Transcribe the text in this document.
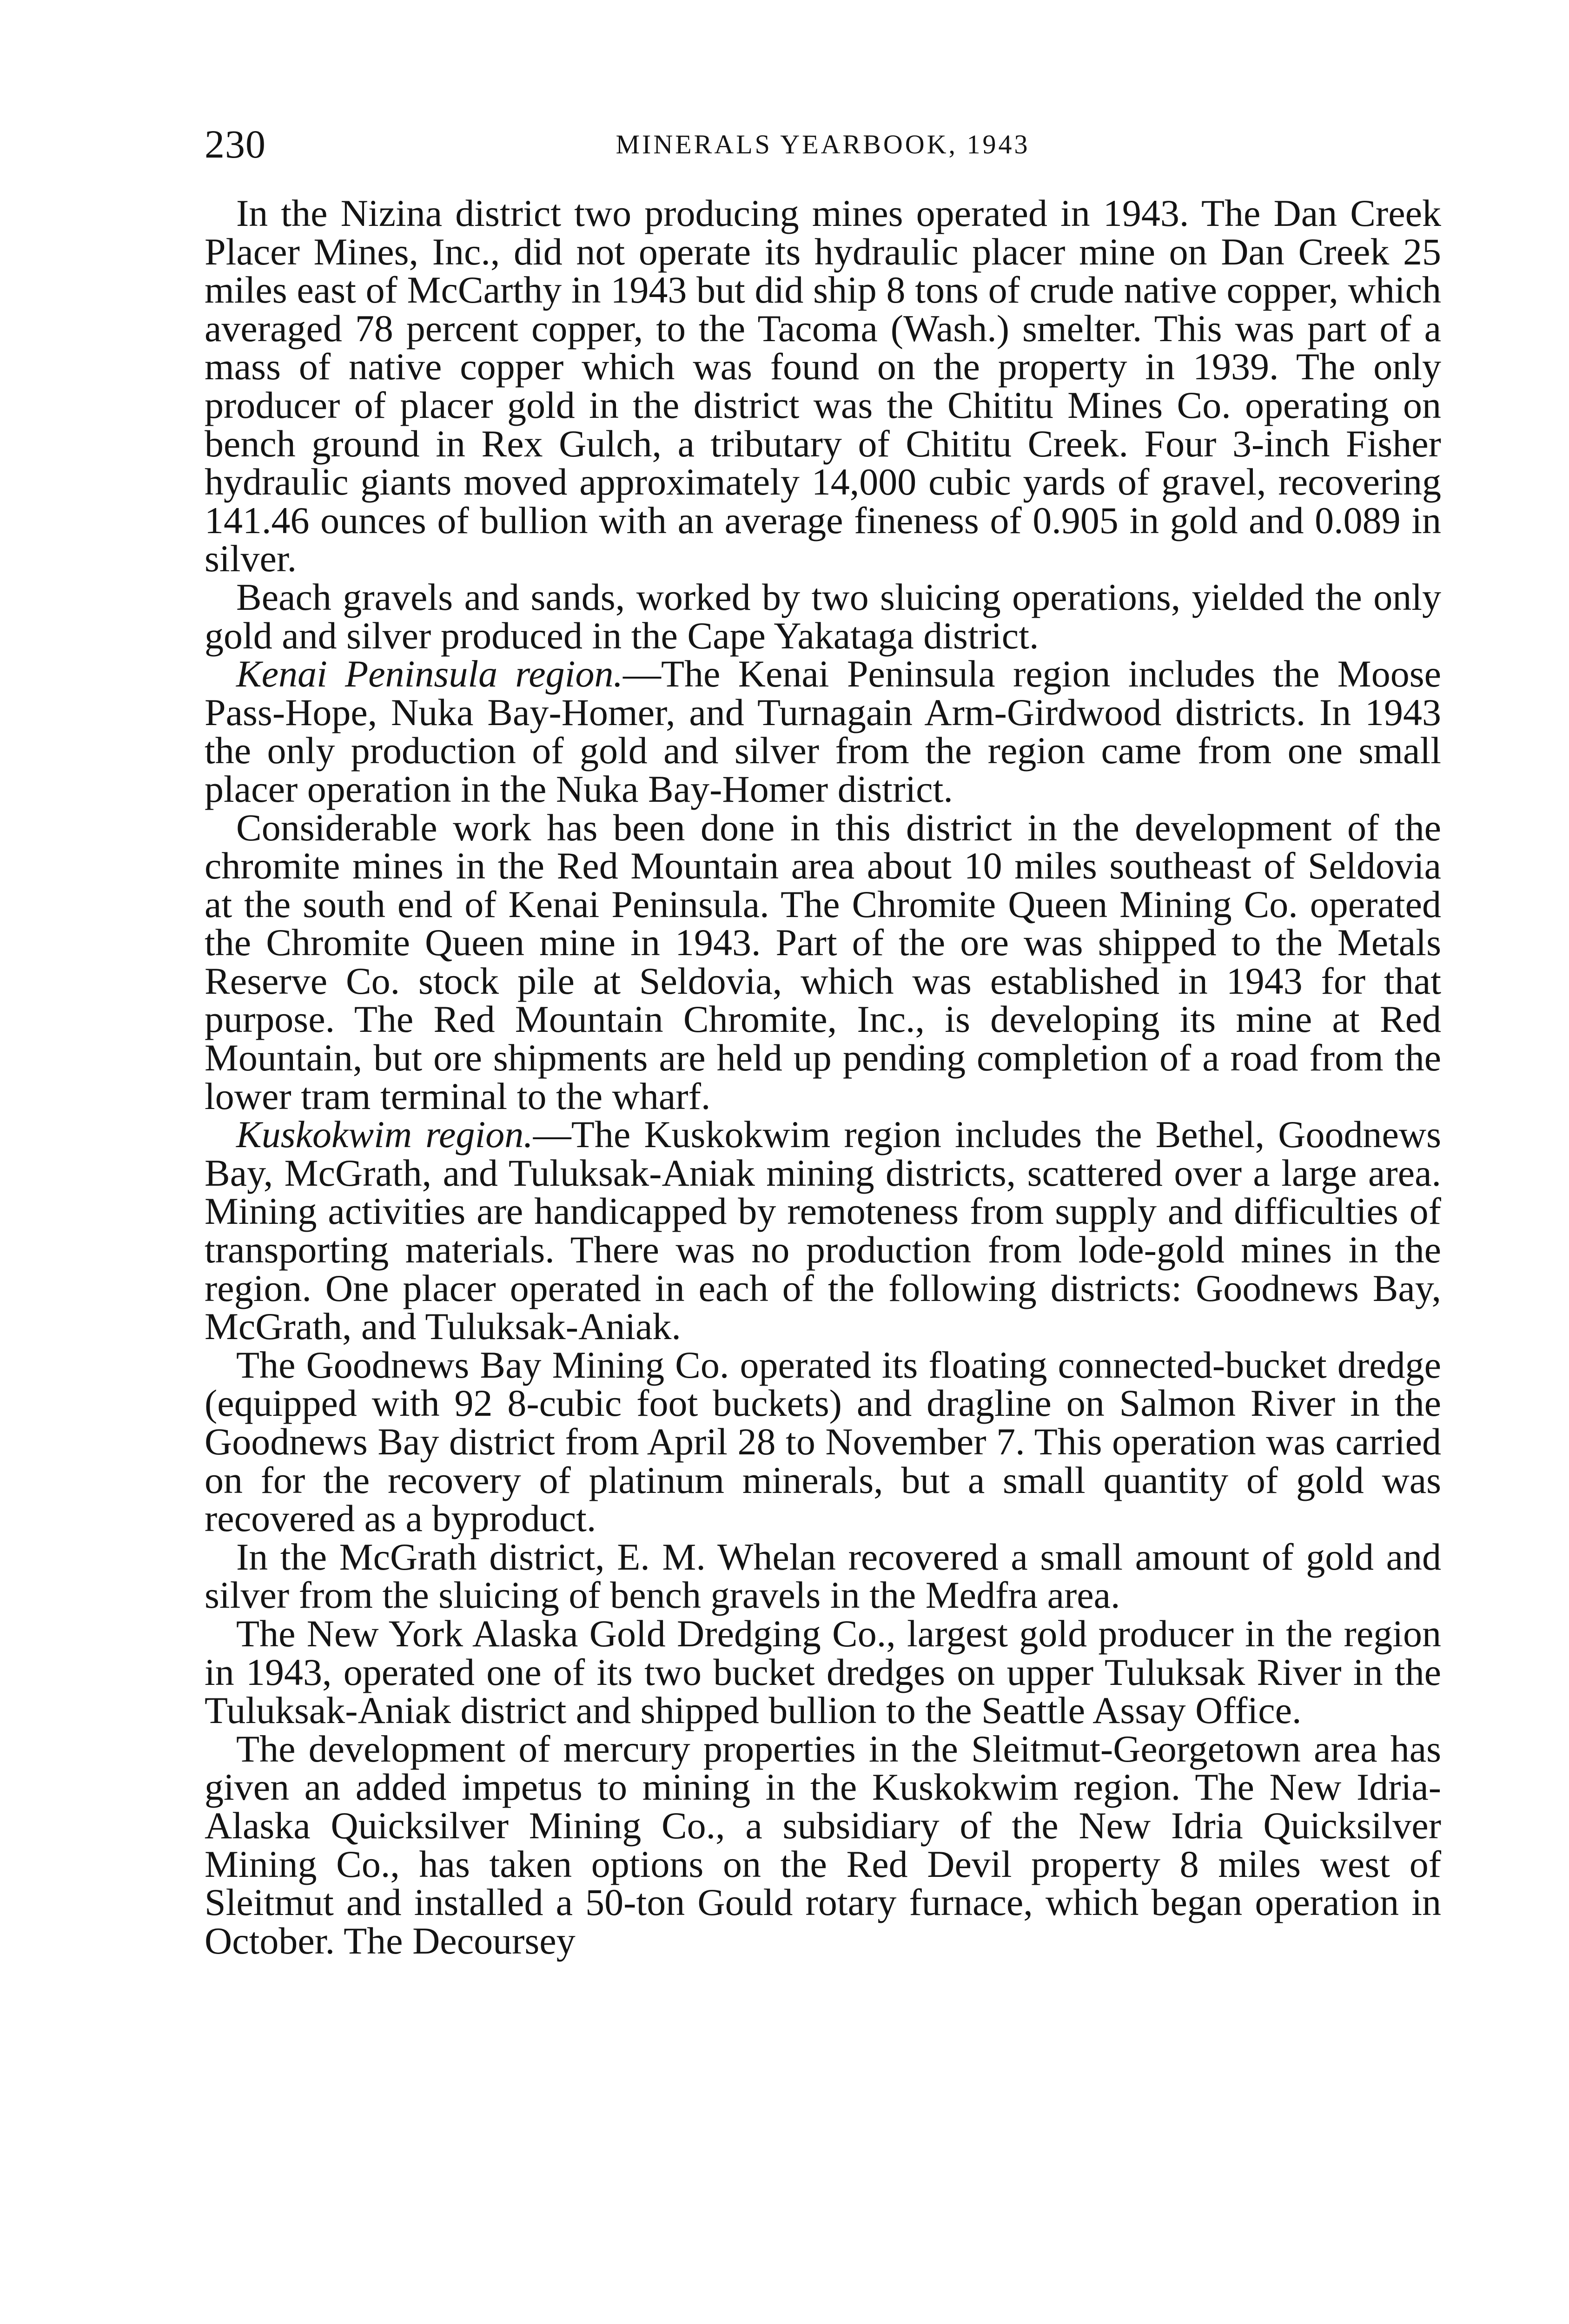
230	MINERALS YEARBOOK, 1943

In the Nizina district two producing mines operated in 1943. The Dan Creek Placer Mines, Inc., did not operate its hydraulic placer mine on Dan Creek 25 miles east of McCarthy in 1943 but did ship 8 tons of crude native copper, which averaged 78 percent copper, to the Tacoma (Wash.) smelter. This was part of a mass of native copper which was found on the property in 1939. The only producer of placer gold in the district was the Chititu Mines Co. operating on bench ground in Rex Gulch, a tributary of Chititu Creek. Four 3-inch Fisher hydraulic giants moved approximately 14,000 cubic yards of gravel, recovering 141.46 ounces of bullion with an average fineness of 0.905 in gold and 0.089 in silver.

Beach gravels and sands, worked by two sluicing operations, yielded the only gold and silver produced in the Cape Yakataga district.

Kenai Peninsula region.—The Kenai Peninsula region includes the Moose Pass-Hope, Nuka Bay-Homer, and Turnagain Arm-Girdwood districts. In 1943 the only production of gold and silver from the region came from one small placer operation in the Nuka Bay-Homer district.

Considerable work has been done in this district in the development of the chromite mines in the Red Mountain area about 10 miles southeast of Seldovia at the south end of Kenai Peninsula. The Chromite Queen Mining Co. operated the Chromite Queen mine in 1943. Part of the ore was shipped to the Metals Reserve Co. stock pile at Seldovia, which was established in 1943 for that purpose. The Red Mountain Chromite, Inc., is developing its mine at Red Mountain, but ore shipments are held up pending completion of a road from the lower tram terminal to the wharf.

Kuskokwim region.—The Kuskokwim region includes the Bethel, Goodnews Bay, McGrath, and Tuluksak-Aniak mining districts, scattered over a large area. Mining activities are handicapped by remoteness from supply and difficulties of transporting materials. There was no production from lode-gold mines in the region. One placer operated in each of the following districts: Goodnews Bay, McGrath, and Tuluksak-Aniak.

The Goodnews Bay Mining Co. operated its floating connected-bucket dredge (equipped with 92 8-cubic foot buckets) and dragline on Salmon River in the Goodnews Bay district from April 28 to November 7. This operation was carried on for the recovery of platinum minerals, but a small quantity of gold was recovered as a byproduct.

In the McGrath district, E. M. Whelan recovered a small amount of gold and silver from the sluicing of bench gravels in the Medfra area.

The New York Alaska Gold Dredging Co., largest gold producer in the region in 1943, operated one of its two bucket dredges on upper Tuluksak River in the Tuluksak-Aniak district and shipped bullion to the Seattle Assay Office.

The development of mercury properties in the Sleitmut-Georgetown area has given an added impetus to mining in the Kuskokwim region. The New Idria-Alaska Quicksilver Mining Co., a subsidiary of the New Idria Quicksilver Mining Co., has taken options on the Red Devil property 8 miles west of Sleitmut and installed a 50-ton Gould rotary furnace, which began operation in October. The Decoursey
